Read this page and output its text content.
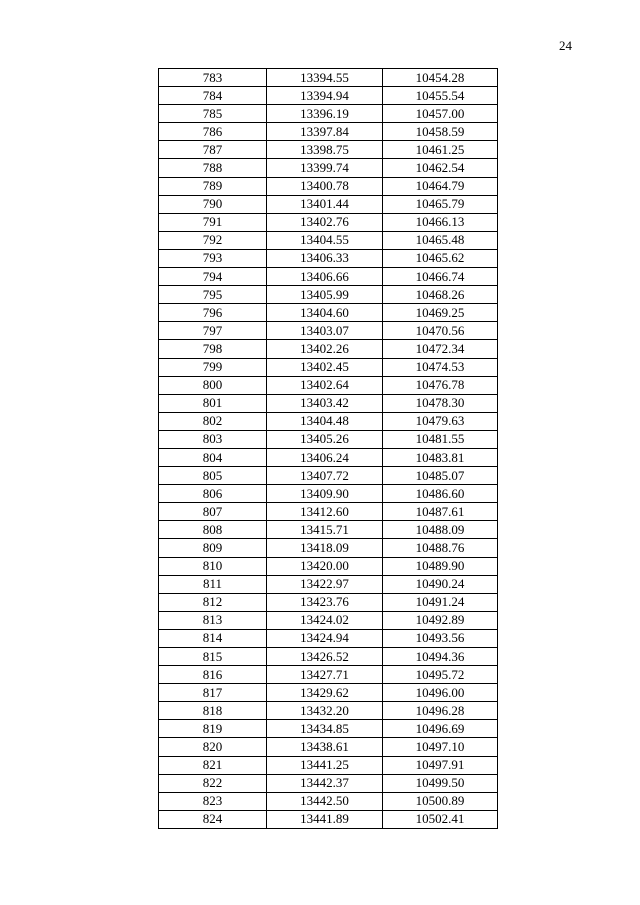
24
783	13394.55	10454.28
784	13394.94	10455.54
785	13396.19	10457.00
786	13397.84	10458.59
787	13398.75	10461.25
788	13399.74	10462.54
789	13400.78	10464.79
790	13401.44	10465.79
791	13402.76	10466.13
792	13404.55	10465.48
793	13406.33	10465.62
794	13406.66	10466.74
795	13405.99	10468.26
796	13404.60	10469.25
797	13403.07	10470.56
798	13402.26	10472.34
799	13402.45	10474.53
800	13402.64	10476.78
801	13403.42	10478.30
802	13404.48	10479.63
803	13405.26	10481.55
804	13406.24	10483.81
805	13407.72	10485.07
806	13409.90	10486.60
807	13412.60	10487.61
808	13415.71	10488.09
809	13418.09	10488.76
810	13420.00	10489.90
811	13422.97	10490.24
812	13423.76	10491.24
813	13424.02	10492.89
814	13424.94	10493.56
815	13426.52	10494.36
816	13427.71	10495.72
817	13429.62	10496.00
818	13432.20	10496.28
819	13434.85	10496.69
820	13438.61	10497.10
821	13441.25	10497.91
822	13442.37	10499.50
823	13442.50	10500.89
824	13441.89	10502.41
